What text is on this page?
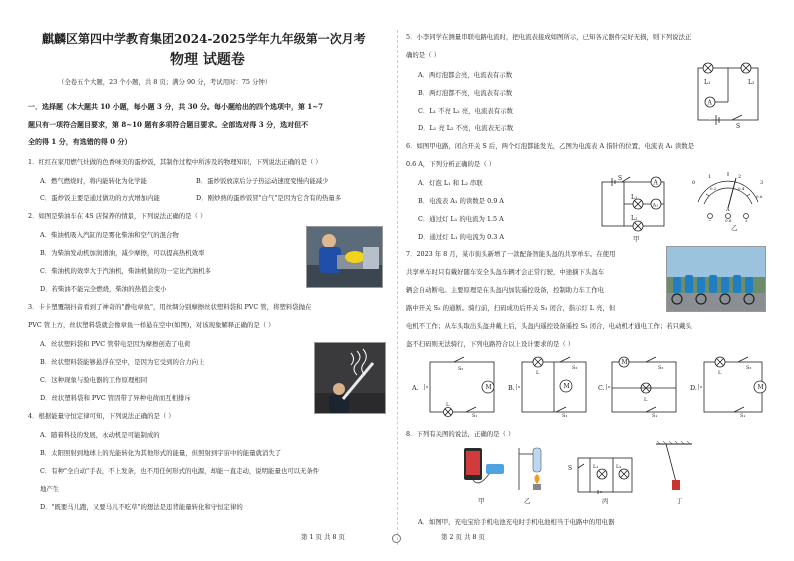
麒麟区第四中学教育集团2024-2025学年九年级第一次月考
物理 试题卷
（全卷五个大题，23 个小题，共 8 页；满分 90 分，考试用时：75 分钟）
一．选择题（本大题共 10 小题，每小题 3 分，共 30 分。每小题给出的四个选项中，第 1~7
题只有一项符合题目要求，第 8~10 题有多项符合题目要求。全部选对得 3 分，选对但不
全的得 1 分，有选错的得 0 分）
1．红红在家用燃气灶做的色香味美的蛋炒饭，其制作过程中所涉及的物理知识，下列说法正确的是（ ）
A．燃气燃烧时，将内能转化为化学能	B．蛋炒饭放凉后分子热运动速度变慢内能减少
C．蛋炒饭主要是通过做功的方式增加内能	D．刚炒熟的蛋炒饭冒"白气"是因为它含有的热量多
2．如图是柴油车在 4S 店保养的情景，下列说法正确的是（ ）
A．柴油机吸入汽缸的是雾化柴油和空气的混合物
B．为柴油发动机加润滑油，减少摩擦，可以提高热机效率
C．柴油机的效率大于汽油机，柴油机做的功一定比汽油机多
D．若柴油不能完全燃烧，柴油的热值会变小
3．卡卡塑覆制抖音看到了神奇的"静电章鱼"，用丝绸分别摩擦丝状塑料袋和 PVC 管，将塑料袋抛在
PVC 管上方，丝状塑料袋就会像章鱼一样悬在空中(如图)，对该现象解释正确的是（ ）
A．丝状塑料袋和 PVC 管带电是因为摩擦创造了电荷
B．丝状塑料袋能够悬浮在空中，是因为它受到的合力向上
C．这种现象与验电器的工作原理相同
D．丝状塑料袋和 PVC 管因带了异种电荷而互相排斥
4．根据能量守恒定律可知，下列说法正确的是（ ）
A．随着科技的发展，永动机是可能制成的
B．太阳照射到地球上的光能转化为其他形式的能量，但照射到宇宙中的能量就消失了
C．有种"全自动"手表，不上发条，也不用任何形式的电源，却能一直走动，说明能量也可以无条件
地产生
D．"既要马儿跑，又要马儿不吃草"的想法是违背能量转化和守恒定律的
第 1 页 共 8 页
5．小李同学在测量串联电路电流时，把电流表接成如图所示，已知各元器件完好无损，则下列说法正
确的是（ ）
A．两灯泡都会亮，电流表有示数
B．两灯泡都不亮，电流表有示数
C．L₁ 不亮 L₂ 亮，电流表有示数
D．L₁ 亮 L₂ 不亮，电流表无示数
L₁	L₂
A
S
6．如图甲电路，闭合开关 S 后，两个灯泡都能发光，乙图为电流表 A 指针的位置，电流表 A₁ 读数是
0.6 A，下列分析正确的是（ ）
A．灯泡 L₁ 和 L₂ 串联
B．电流表 A₁ 的读数是 0.9 A
C．通过灯 L₁ 的电流为 1.5 A
D．通过灯 L₁ 的电流为 0.3 A
S
A
L₁
A₁
L₂
甲
0
1	2
3
0.2	0.4
0.6
A
−	0.6	3
乙
7．2023 年 8 月，某市街头新增了一款配备智能头盔的共享单车。在使用
共享单车时只有戴好随车安全头盔车辆才会正常行驶，中途摘下头盔车
辆会自动断电。主要原理是在头盔内加装遥控设备，控制助力车工作电
路中开关 S₂ 的通断。骑行前，扫码成功后开关 S₁ 闭合，指示灯 L 亮，但
电机不工作；从车头取出头盔并戴上后，头盔内遥控设备遥控 S₂ 闭合，电动机才通电工作；若只戴头
盔不扫码则无法骑行，下列电路符合以上设计要求的是（ ）
A.
S₂
M
L
S₁
B.
L
S₂
M
S₁
C.
M
S₂
L
S₁
D.
L
S₂
M
S₁
8．下列有关图的说法，正确的是（ ）
甲	乙
S	L₁	L₂
丙	丁
A．如图甲，充电宝给手机电池充电时手机电池相当于电路中的用电器
第 2 页 共 8 页
